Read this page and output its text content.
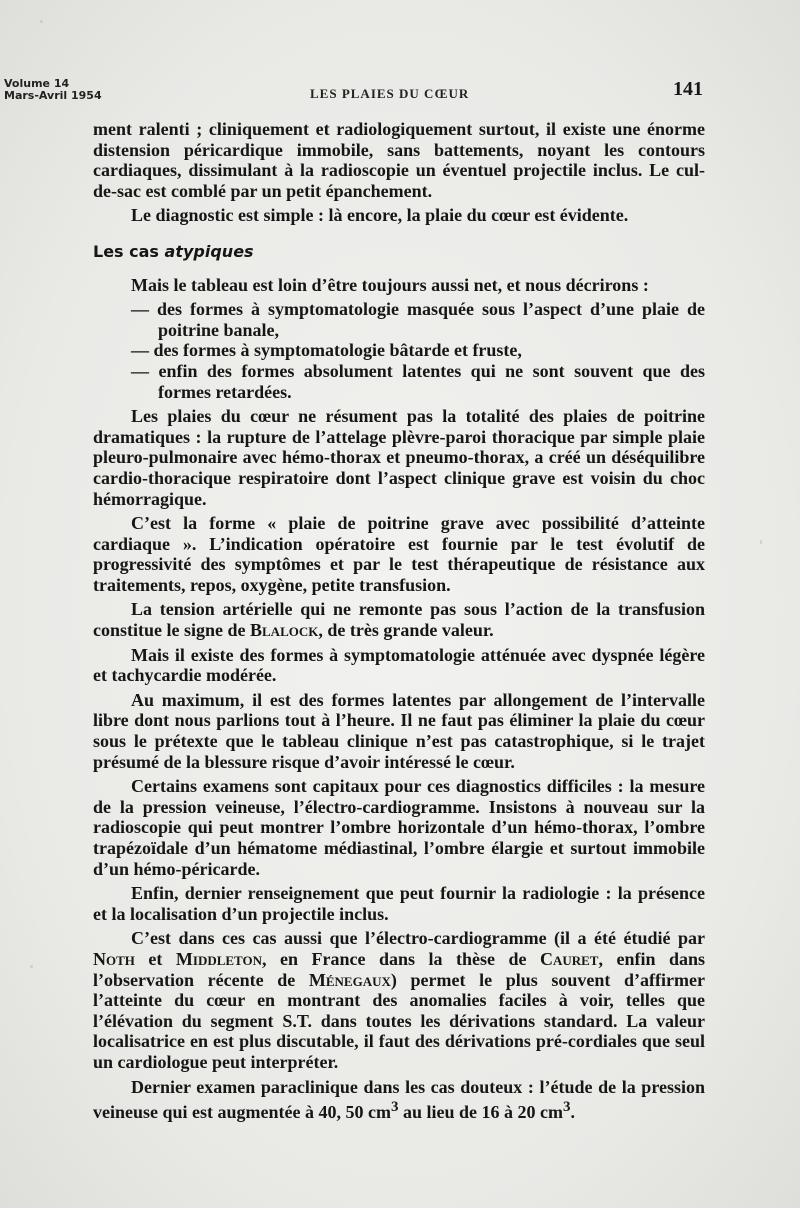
Volume 14
Mars-Avril 1954	LES PLAIES DU CŒUR	141

ment ralenti ; cliniquement et radiologiquement surtout, il existe une énorme distension péricardique immobile, sans battements, noyant les contours cardiaques, dissimulant à la radioscopie un éventuel projectile inclus. Le cul-de-sac est comblé par un petit épanchement.

Le diagnostic est simple : là encore, la plaie du cœur est évidente.

Les cas atypiques

Mais le tableau est loin d’être toujours aussi net, et nous décrirons :

— des formes à symptomatologie masquée sous l’aspect d’une plaie de poitrine banale,
— des formes à symptomatologie bâtarde et fruste,
— enfin des formes absolument latentes qui ne sont souvent que des formes retardées.

Les plaies du cœur ne résument pas la totalité des plaies de poitrine dramatiques : la rupture de l’attelage plèvre-paroi thoracique par simple plaie pleuro-pulmonaire avec hémo-thorax et pneumo-thorax, a créé un déséquilibre cardio-thoracique respiratoire dont l’aspect clinique grave est voisin du choc hémorragique.

C’est la forme « plaie de poitrine grave avec possibilité d’atteinte cardiaque ». L’indication opératoire est fournie par le test évolutif de progressivité des symptômes et par le test thérapeutique de résistance aux traitements, repos, oxygène, petite transfusion.

La tension artérielle qui ne remonte pas sous l’action de la transfusion constitue le signe de Blalock, de très grande valeur.

Mais il existe des formes à symptomatologie atténuée avec dyspnée légère et tachycardie modérée.

Au maximum, il est des formes latentes par allongement de l’intervalle libre dont nous parlions tout à l’heure. Il ne faut pas éliminer la plaie du cœur sous le prétexte que le tableau clinique n’est pas catastrophique, si le trajet présumé de la blessure risque d’avoir intéressé le cœur.

Certains examens sont capitaux pour ces diagnostics difficiles : la mesure de la pression veineuse, l’électro-cardiogramme. Insistons à nouveau sur la radioscopie qui peut montrer l’ombre horizontale d’un hémo-thorax, l’ombre trapézoïdale d’un hématome médiastinal, l’ombre élargie et surtout immobile d’un hémo-péricarde.

Enfin, dernier renseignement que peut fournir la radiologie : la présence et la localisation d’un projectile inclus.

C’est dans ces cas aussi que l’électro-cardiogramme (il a été étudié par Noth et Middleton, en France dans la thèse de Cauret, enfin dans l’observation récente de Ménegaux) permet le plus souvent d’affirmer l’atteinte du cœur en montrant des anomalies faciles à voir, telles que l’élévation du segment S.T. dans toutes les dérivations standard. La valeur localisatrice en est plus discutable, il faut des dérivations pré-cordiales que seul un cardiologue peut interpréter.

Dernier examen paraclinique dans les cas douteux : l’étude de la pression veineuse qui est augmentée à 40, 50 $cm^3$ au lieu de 16 à 20 $cm^3$.
